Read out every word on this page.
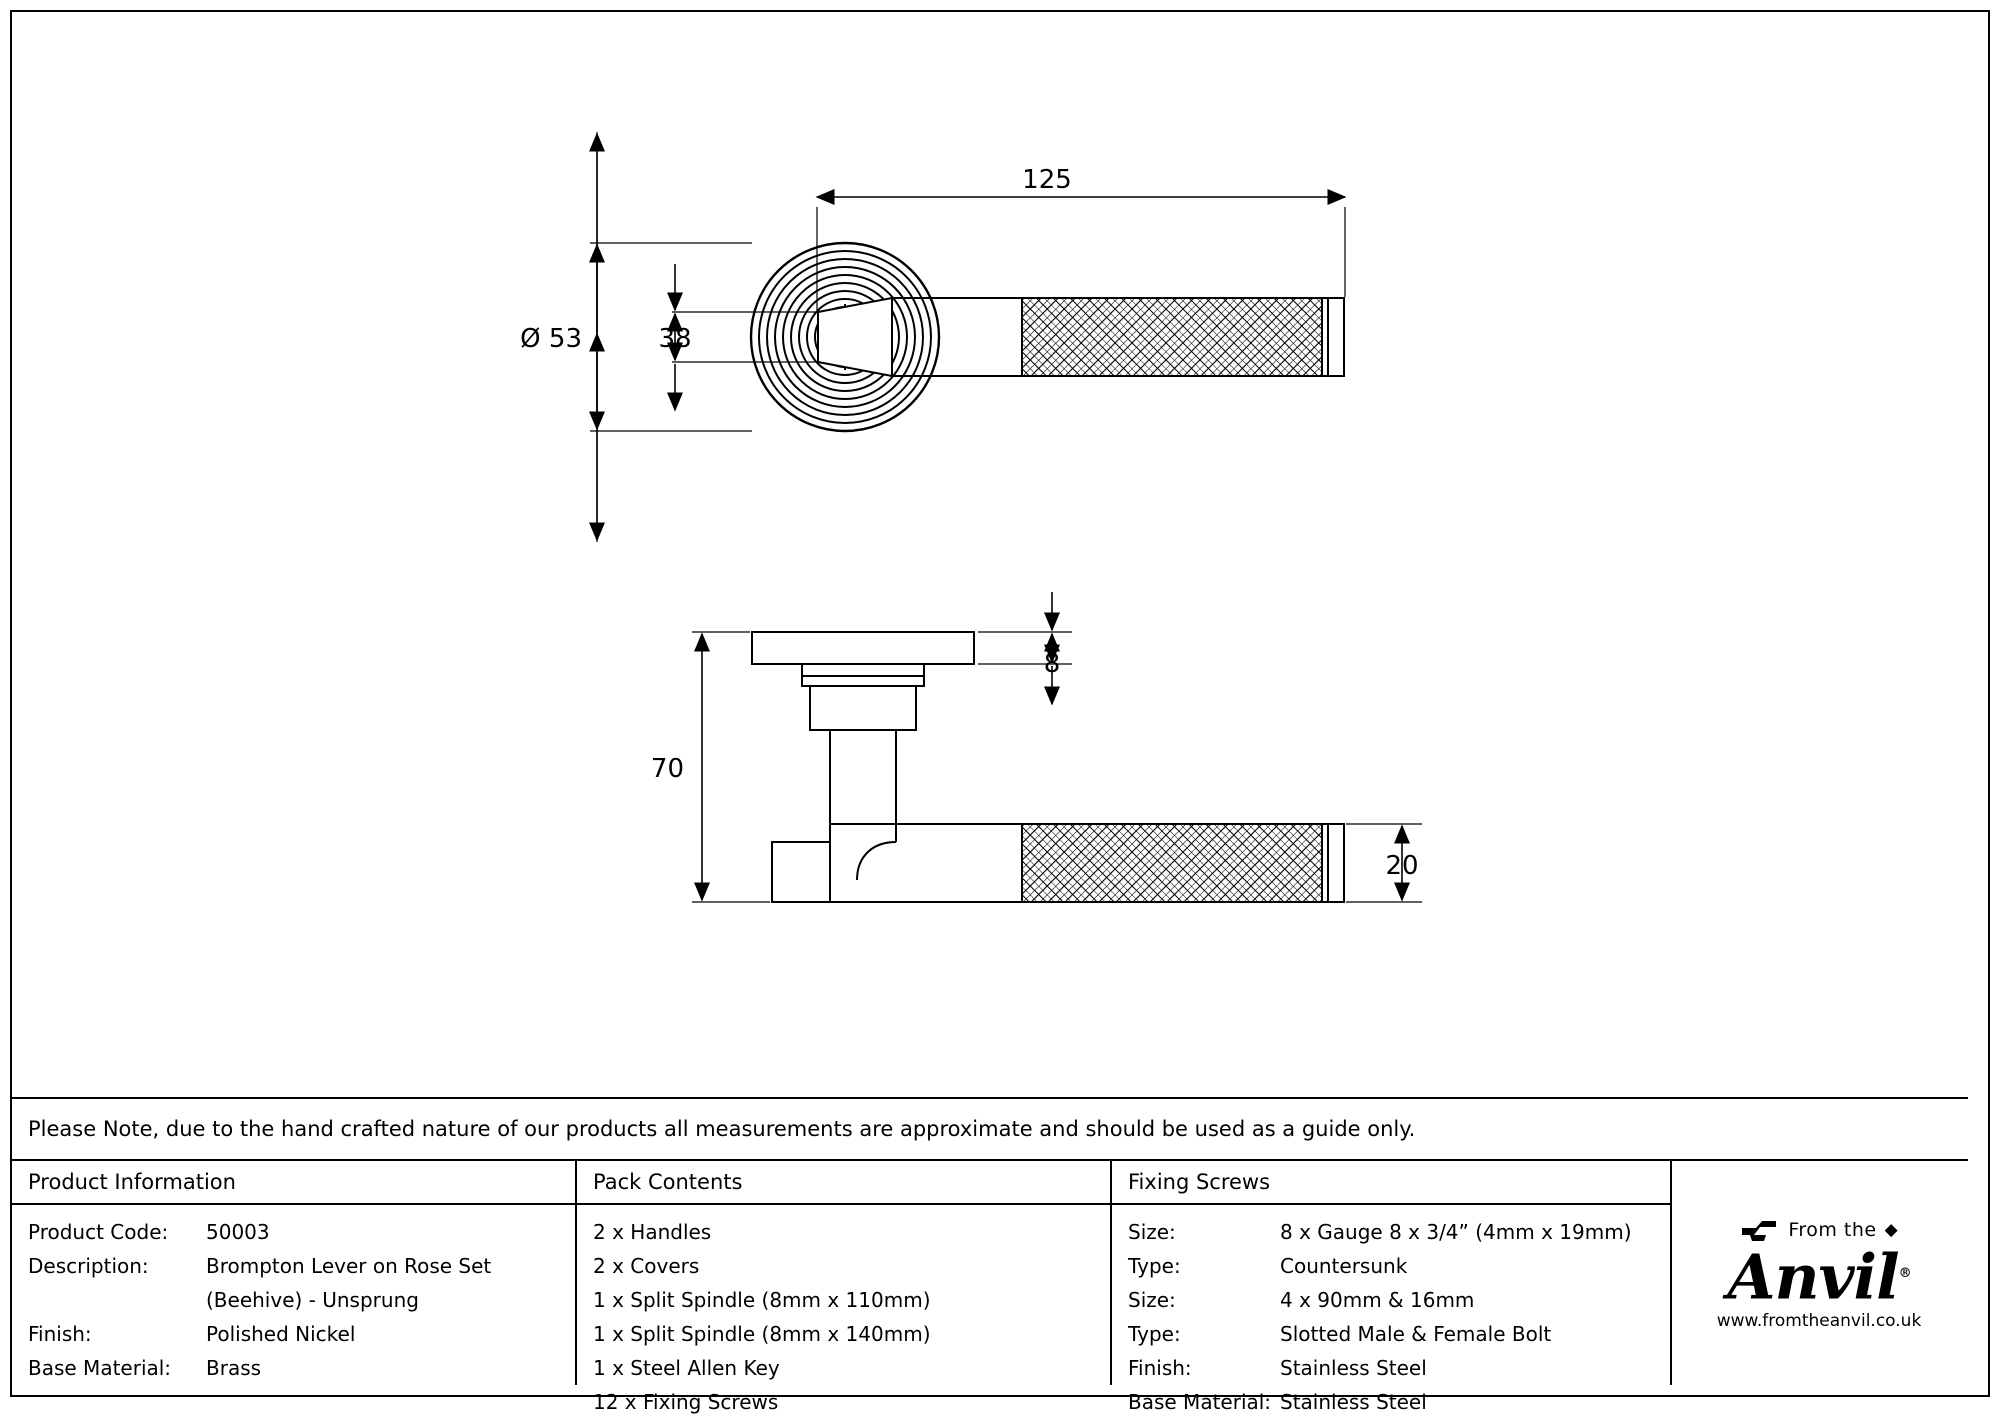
125
Ø 53	38
8
70
20
Please Note, due to the hand crafted nature of our products all measurements are approximate and should be used as a guide only.
Product Information
Product Code:	50003
Description:	Brompton Lever on Rose Set
(Beehive) - Unsprung
Finish:	Polished Nickel
Base Material:	Brass
Pack Contents
2 x Handles
2 x Covers
1 x Split Spindle (8mm x 110mm)
1 x Split Spindle (8mm x 140mm)
1 x Steel Allen Key
12 x Fixing Screws
Fixing Screws
Size:	8 x Gauge 8 x 3/4” (4mm x 19mm)
Type:	Countersunk
Size:	4 x 90mm & 16mm
Type:	Slotted Male & Female Bolt
Finish:	Stainless Steel
Base Material: Stainless Steel
From the ◆
Anvil®
www.fromtheanvil.co.uk
